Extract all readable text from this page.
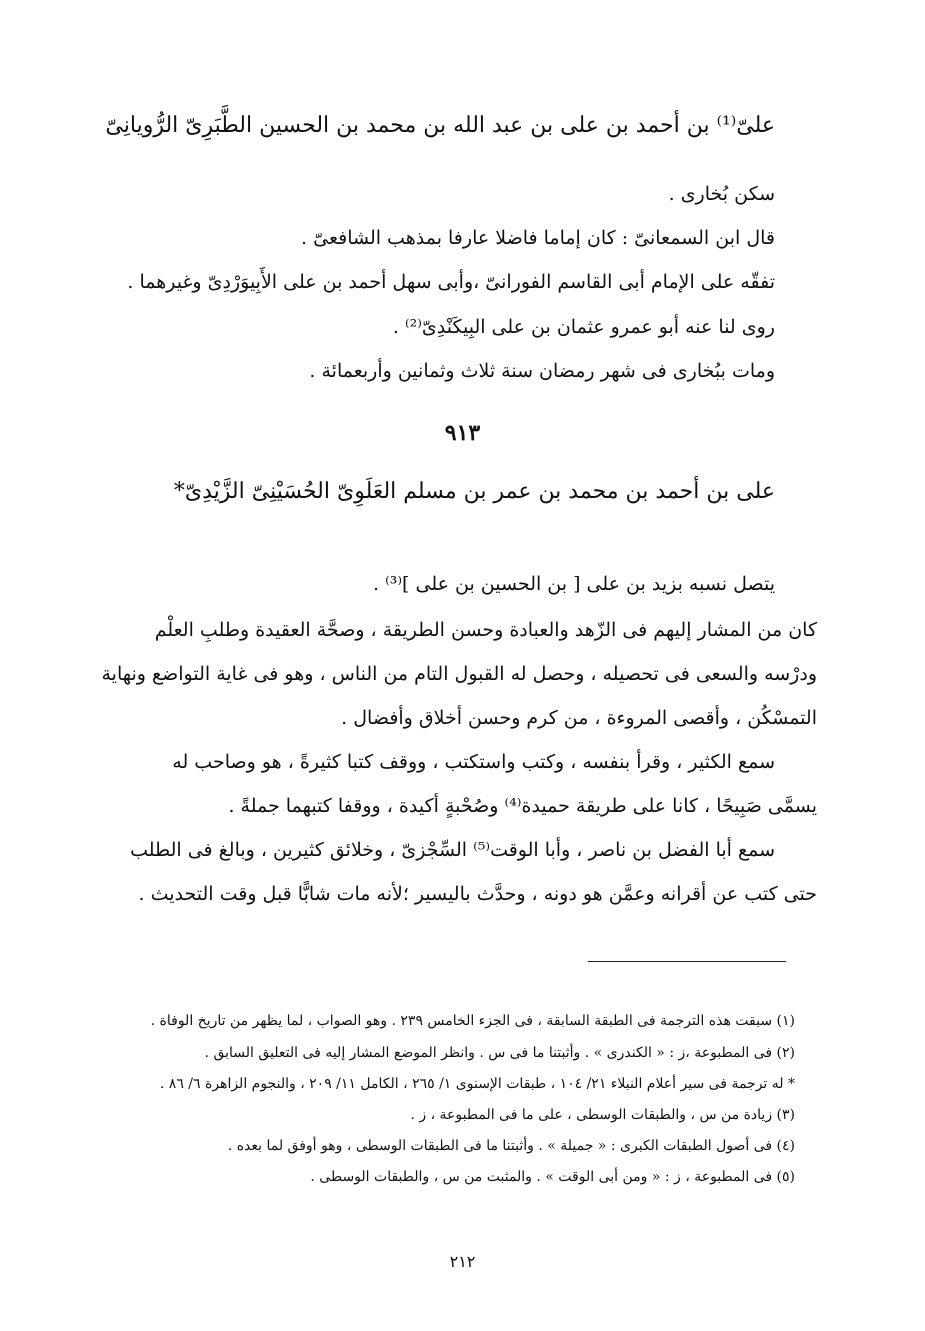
علىّ⁽¹⁾ بن أحمد بن على بن عبد الله بن محمد بن الحسين الطَّبَرِىّ الرُّويانِىّ
سكن بُخارى .
قال ابن السمعانىّ : كان إماما فاضلا عارفا بمذهب الشافعىّ .
تفقّه على الإمام أبى القاسم الفورانىّ ،وأبى سهل أحمد بن على الأَبِيوَرْدِىّ وغيرهما .
روى لنا عنه أبو عمرو عثمان بن على البِيكَنْدِىّ⁽²⁾ .
ومات ببُخارى فى شهر رمضان سنة ثلاث وثمانين وأربعمائة .
٩١٣
على بن أحمد بن محمد بن عمر بن مسلم العَلَوِىّ الحُسَيْنِىّ الزَّيْدِىّ*
يتصل نسبه بزيد بن على [ بن الحسين بن على ]⁽³⁾ .
كان من المشار إليهم فى الزّهد والعبادة وحسن الطريقة ، وصحَّة العقيدة وطلبِ العلْم
ودرْسه والسعى فى تحصيله ، وحصل له القبول التام من الناس ، وهو فى غاية التواضع ونهاية
التمسْكُن ، وأقصى المروءة ، من كرم وحسن أخلاق وأفضال .
سمع الكثير ، وقرأ بنفسه ، وكتب واستكتب ، ووقف كتبا كثيرةً ، هو وصاحب له
يسمَّى صَبِيحًا ، كانا على طريقة حميدة⁽⁴⁾ وصُحْبةٍ أكيدة ، ووقفا كتبهما جملةً .
سمع أبا الفضل بن ناصر ، وأبا الوقت⁽⁵⁾ السِّجْزىّ ، وخلائق كثيرين ، وبالغ فى الطلب
حتى كتب عن أقرانه وعمَّن هو دونه ، وحدَّث باليسير ؛لأنه مات شابًّا قبل وقت التحديث .
(١) سبقت هذه الترجمة فى الطبقة السابقة ، فى الجزء الخامس ٢٣٩ . وهو الصواب ، لما يظهر من تاريخ الوفاة .
(٢) فى المطبوعة ،ز : « الكندرى » . وأثبتنا ما فى س . وانظر الموضع المشار إليه فى التعليق السابق .
* له ترجمة فى سير أعلام النبلاء ٢١/ ١٠٤ ، طبقات الإسنوى ١/ ٢٦٥ ، الكامل ١١/ ٢٠٩ ، والنجوم الزاهرة ٦/ ٨٦ .
(٣) زيادة من س ، والطبقات الوسطى ، على ما فى المطبوعة ، ز .
(٤) فى أصول الطبقات الكبرى : « جميلة » . وأثبتنا ما فى الطبقات الوسطى ، وهو أوفق لما بعده .
(٥) فى المطبوعة ، ز : « ومن أبى الوقت » . والمثبت من س ، والطبقات الوسطى .
٢١٢
